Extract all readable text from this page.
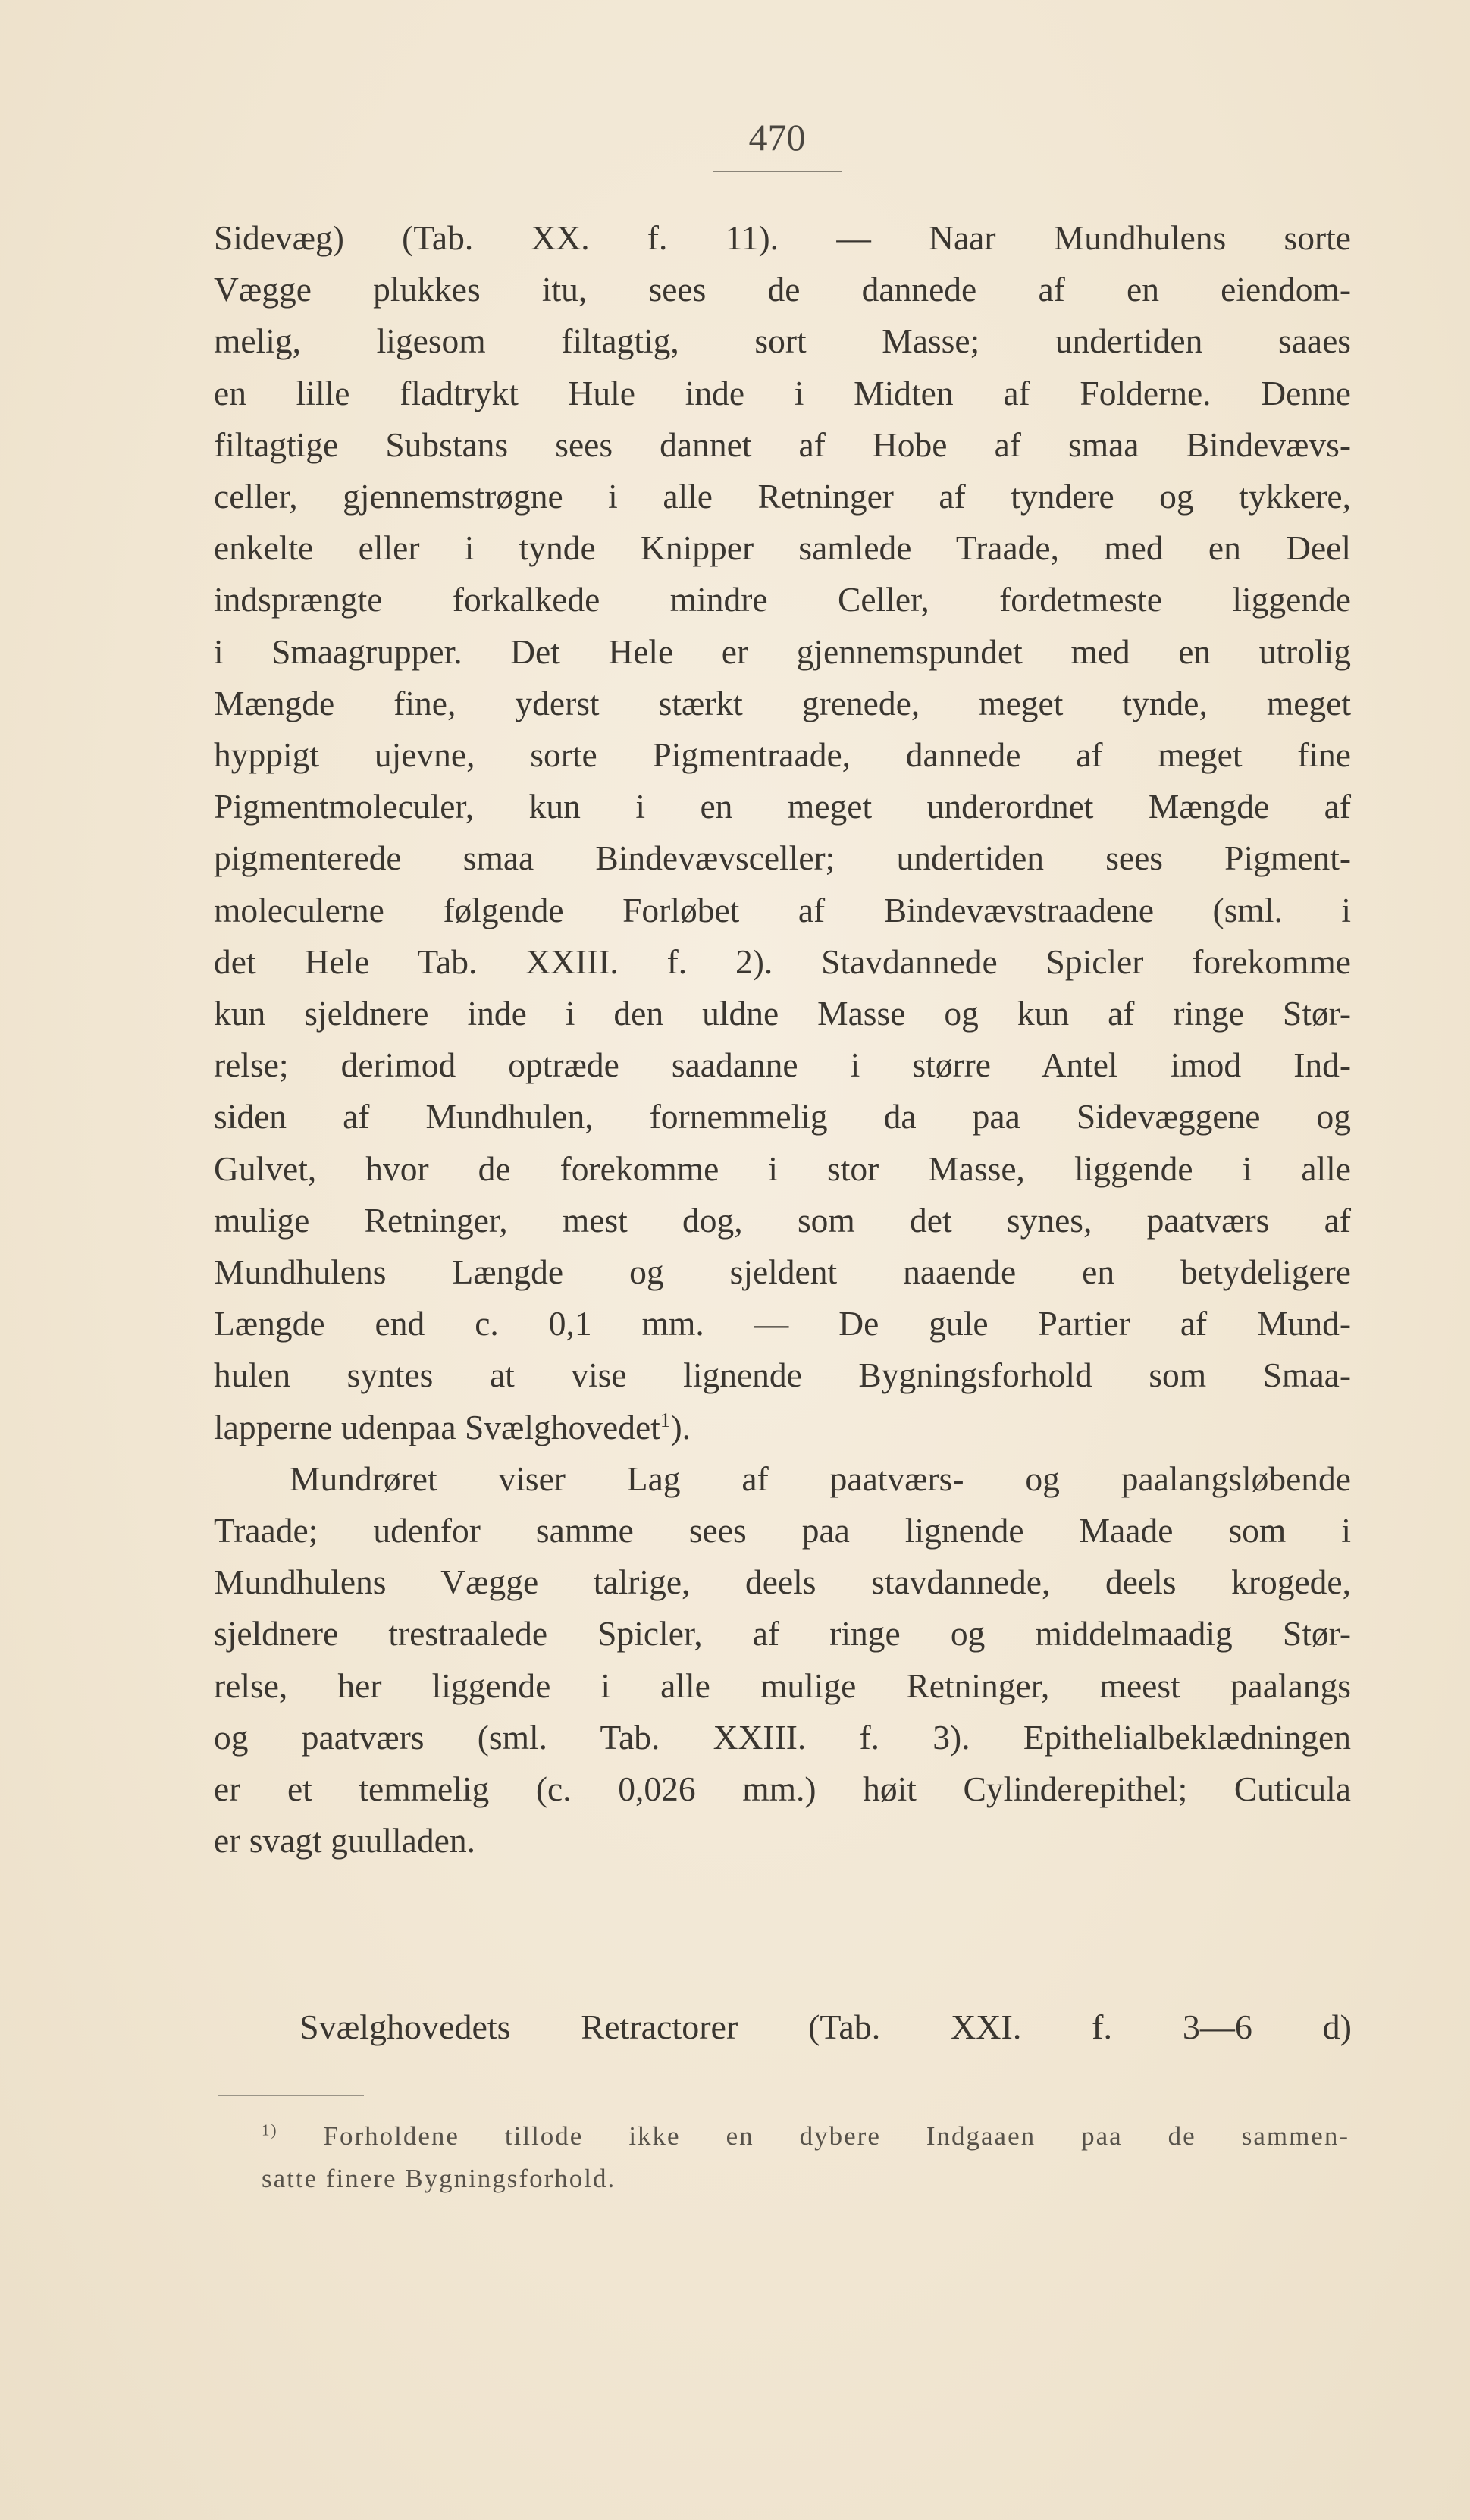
470
Sidevæg) (Tab. XX. f. 11). — Naar Mundhulens sorte
Vægge plukkes itu, sees de dannede af en eiendom-
melig, ligesom filtagtig, sort Masse; undertiden saaes
en lille fladtrykt Hule inde i Midten af Folderne. Denne
filtagtige Substans sees dannet af Hobe af smaa Bindevævs-
celler, gjennemstrøgne i alle Retninger af tyndere og tykkere,
enkelte eller i tynde Knipper samlede Traade, med en Deel
indsprængte forkalkede mindre Celler, fordetmeste liggende
i Smaagrupper. Det Hele er gjennemspundet med en utrolig
Mængde fine, yderst stærkt grenede, meget tynde, meget
hyppigt ujevne, sorte Pigmentraade, dannede af meget fine
Pigmentmoleculer, kun i en meget underordnet Mængde af
pigmenterede smaa Bindevævsceller; undertiden sees Pigment-
moleculerne følgende Forløbet af Bindevævstraadene (sml. i
det Hele Tab. XXIII. f. 2). Stavdannede Spicler forekomme
kun sjeldnere inde i den uldne Masse og kun af ringe Stør-
relse; derimod optræde saadanne i større Antel imod Ind-
siden af Mundhulen, fornemmelig da paa Sidevæggene og
Gulvet, hvor de forekomme i stor Masse, liggende i alle
mulige Retninger, mest dog, som det synes, paatværs af
Mundhulens Længde og sjeldent naaende en betydeligere
Længde end c. 0,1 mm. — De gule Partier af Mund-
hulen syntes at vise lignende Bygningsforhold som Smaa-
lapperne udenpaa Svælghovedet$^1$).
Mundrøret viser Lag af paatværs- og paalangsløbende
Traade; udenfor samme sees paa lignende Maade som i
Mundhulens Vægge talrige, deels stavdannede, deels krogede,
sjeldnere trestraalede Spicler, af ringe og middelmaadig Stør-
relse, her liggende i alle mulige Retninger, meest paalangs
og paatværs (sml. Tab. XXIII. f. 3). Epithelialbeklædningen
er et temmelig (c. 0,026 mm.) høit Cylinderepithel; Cuticula
er svagt guulladen.
Svælghovedets Retractorer (Tab. XXI. f. 3—6 d)
$^{1)}$ Forholdene tillode ikke en dybere Indgaaen paa de sammen-
satte finere Bygningsforhold.
